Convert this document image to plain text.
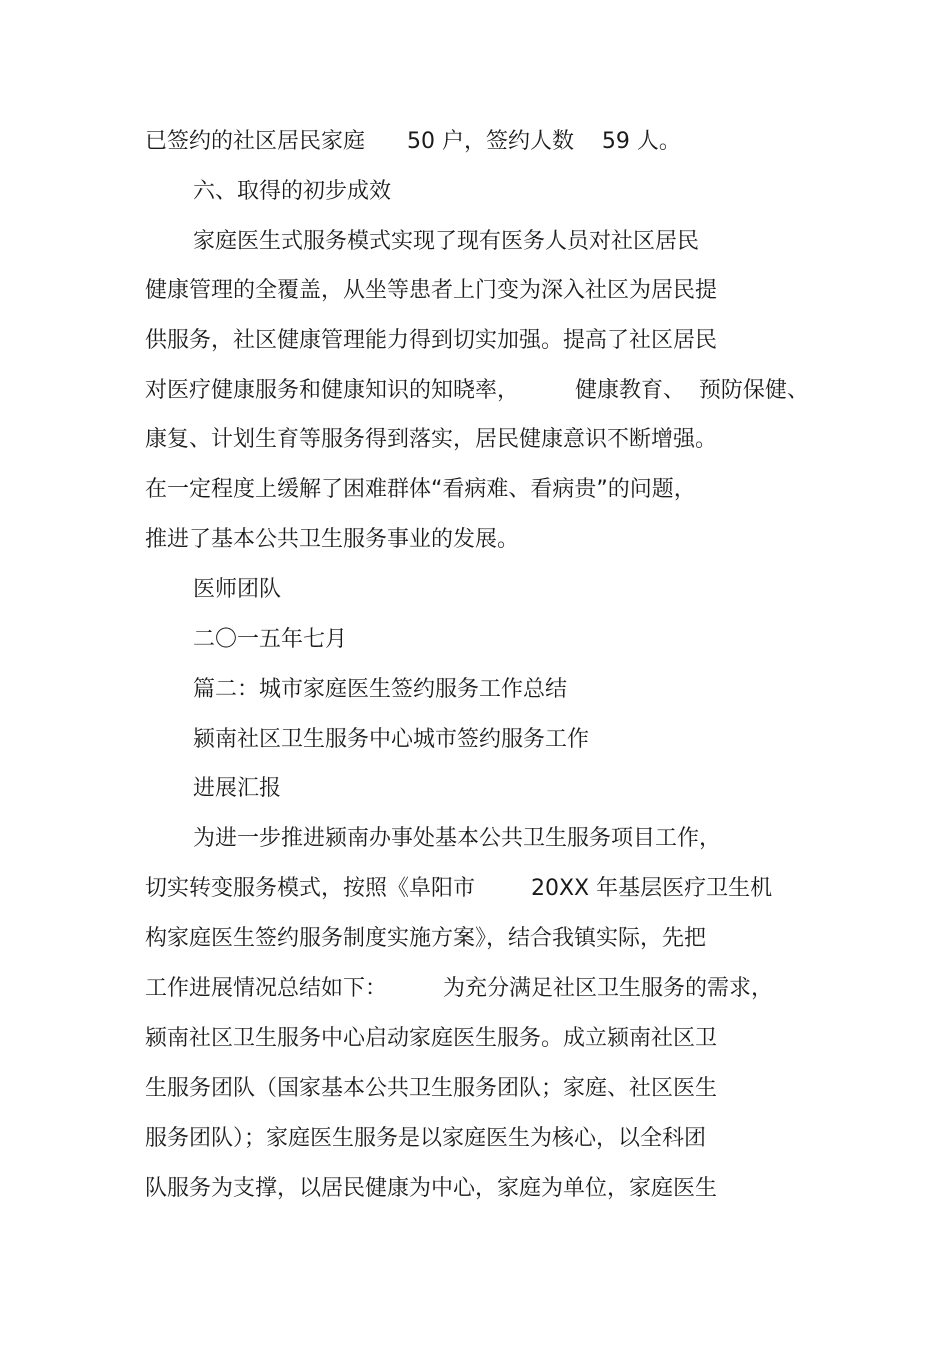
已签约的社区居民家庭      50 户，签约人数    59 人。
六、取得的初步成效
家庭医生式服务模式实现了现有医务人员对社区居民
健康管理的全覆盖，从坐等患者上门变为深入社区为居民提
供服务，社区健康管理能力得到切实加强。提高了社区居民
对医疗健康服务和健康知识的知晓率，        健康教育、  预防保健、
康复、计划生育等服务得到落实，居民健康意识不断增强。
在一定程度上缓解了困难群体“看病难、看病贵”的问题，
推进了基本公共卫生服务事业的发展。
医师团队
二〇一五年七月
篇二：城市家庭医生签约服务工作总结
颍南社区卫生服务中心城市签约服务工作
进展汇报
为进一步推进颍南办事处基本公共卫生服务项目工作，
切实转变服务模式，按照《阜阳市        20XX 年基层医疗卫生机
构家庭医生签约服务制度实施方案》，结合我镇实际，先把
工作进展情况总结如下：        为充分满足社区卫生服务的需求，
颍南社区卫生服务中心启动家庭医生服务。成立颍南社区卫
生服务团队（国家基本公共卫生服务团队；家庭、社区医生
服务团队）；家庭医生服务是以家庭医生为核心，以全科团
队服务为支撑，以居民健康为中心，家庭为单位，家庭医生
